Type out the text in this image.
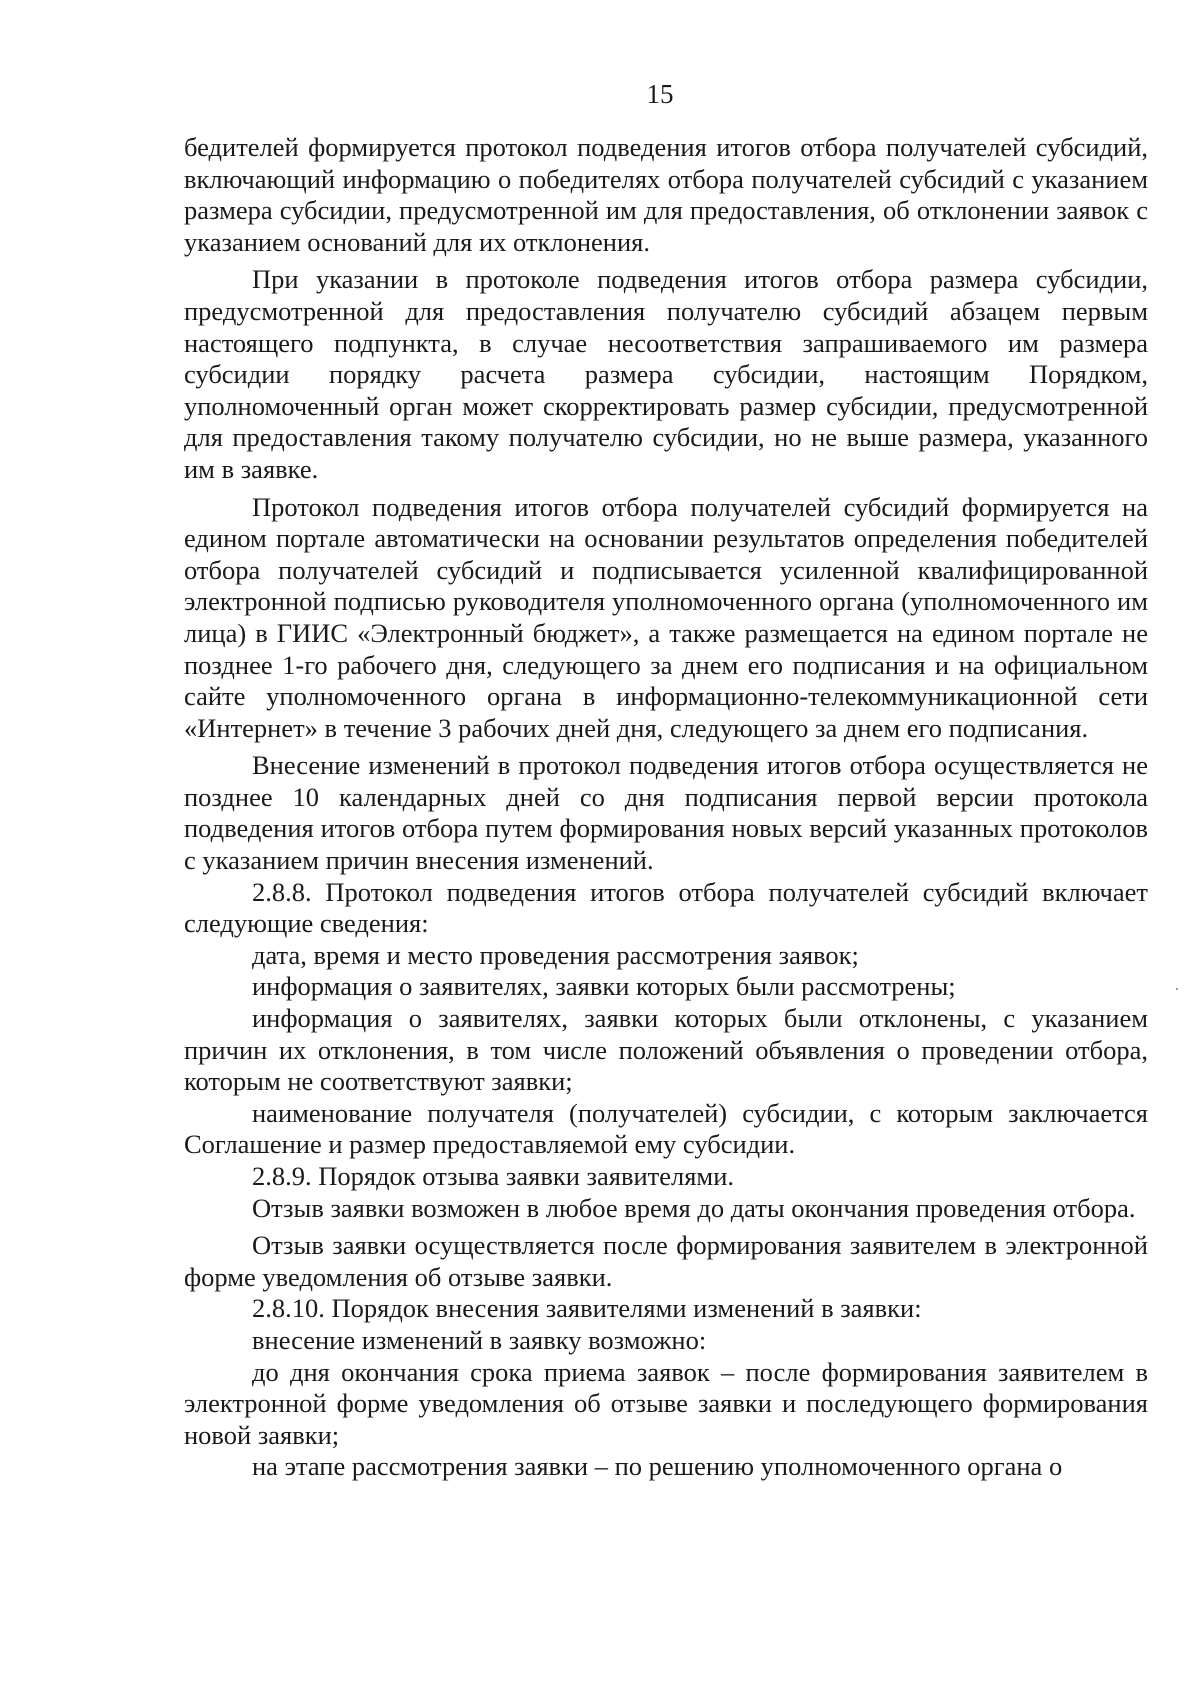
15

бедителей формируется протокол подведения итогов отбора получателей субсидий, включающий информацию о победителях отбора получателей субсидий с указанием размера субсидии, предусмотренной им для предоставления, об отклонении заявок с указанием оснований для их отклонения.

При указании в протоколе подведения итогов отбора размера субсидии, предусмотренной для предоставления получателю субсидий абзацем первым настоящего подпункта, в случае несоответствия запрашиваемого им размера субсидии порядку расчета размера субсидии, настоящим Порядком, уполномоченный орган может скорректировать размер субсидии, предусмотренной для предоставления такому получателю субсидии, но не выше размера, указанного им в заявке.

Протокол подведения итогов отбора получателей субсидий формируется на едином портале автоматически на основании результатов определения победителей отбора получателей субсидий и подписывается усиленной квалифицированной электронной подписью руководителя уполномоченного органа (уполномоченного им лица) в ГИИС «Электронный бюджет», а также размещается на едином портале не позднее 1-го рабочего дня, следующего за днем его подписания и на официальном сайте уполномоченного органа в информационно-телекоммуникационной сети «Интернет» в течение 3 рабочих дней дня, следующего за днем его подписания.

Внесение изменений в протокол подведения итогов отбора осуществляется не позднее 10 календарных дней со дня подписания первой версии протокола подведения итогов отбора путем формирования новых версий указанных протоколов с указанием причин внесения изменений.

2.8.8. Протокол подведения итогов отбора получателей субсидий включает следующие сведения:

дата, время и место проведения рассмотрения заявок;

информация о заявителях, заявки которых были рассмотрены;

информация о заявителях, заявки которых были отклонены, с указанием причин их отклонения, в том числе положений объявления о проведении отбора, которым не соответствуют заявки;

наименование получателя (получателей) субсидии, с которым заключается Соглашение и размер предоставляемой ему субсидии.

2.8.9. Порядок отзыва заявки заявителями.

Отзыв заявки возможен в любое время до даты окончания проведения отбора.

Отзыв заявки осуществляется после формирования заявителем в электронной форме уведомления об отзыве заявки.

2.8.10. Порядок внесения заявителями изменений в заявки:

внесение изменений в заявку возможно:

до дня окончания срока приема заявок – после формирования заявителем в электронной форме уведомления об отзыве заявки и последующего формирования новой заявки;

на этапе рассмотрения заявки – по решению уполномоченного органа о
